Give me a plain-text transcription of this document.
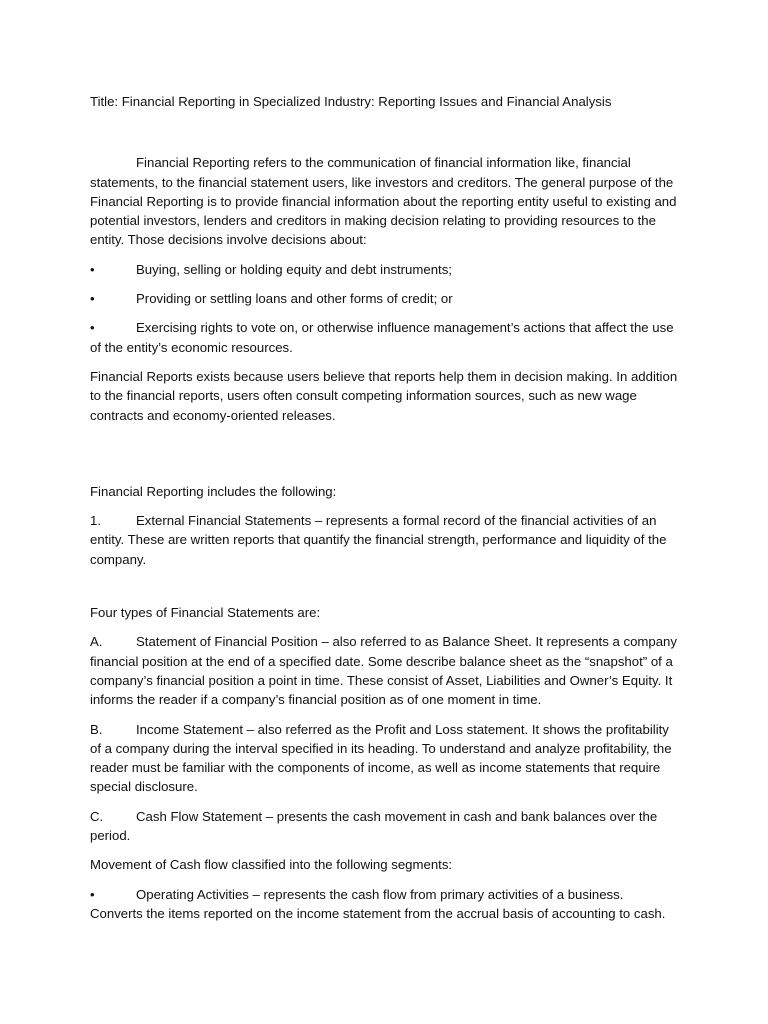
Title: Financial Reporting in Specialized Industry: Reporting Issues and Financial Analysis

Financial Reporting refers to the communication of financial information like, financial statements, to the financial statement users, like investors and creditors. The general purpose of the Financial Reporting is to provide financial information about the reporting entity useful to existing and potential investors, lenders and creditors in making decision relating to providing resources to the entity. Those decisions involve decisions about:

•	Buying, selling or holding equity and debt instruments;

•	Providing or settling loans and other forms of credit; or

•	Exercising rights to vote on, or otherwise influence management’s actions that affect the use of the entity’s economic resources.

Financial Reports exists because users believe that reports help them in decision making. In addition to the financial reports, users often consult competing information sources, such as new wage contracts and economy-oriented releases.

Financial Reporting includes the following:

1.	External Financial Statements – represents a formal record of the financial activities of an entity. These are written reports that quantify the financial strength, performance and liquidity of the company.

Four types of Financial Statements are:

A.	Statement of Financial Position – also referred to as Balance Sheet. It represents a company financial position at the end of a specified date. Some describe balance sheet as the “snapshot” of a company’s financial position a point in time. These consist of Asset, Liabilities and Owner’s Equity. It informs the reader if a company’s financial position as of one moment in time.

B.	Income Statement – also referred as the Profit and Loss statement. It shows the profitability of a company during the interval specified in its heading. To understand and analyze profitability, the reader must be familiar with the components of income, as well as income statements that require special disclosure.

C. Cash Flow Statement – presents the cash movement in cash and bank balances over the period.

Movement of Cash flow classified into the following segments:

•	Operating Activities – represents the cash flow from primary activities of a business. Converts the items reported on the income statement from the accrual basis of accounting to cash.
